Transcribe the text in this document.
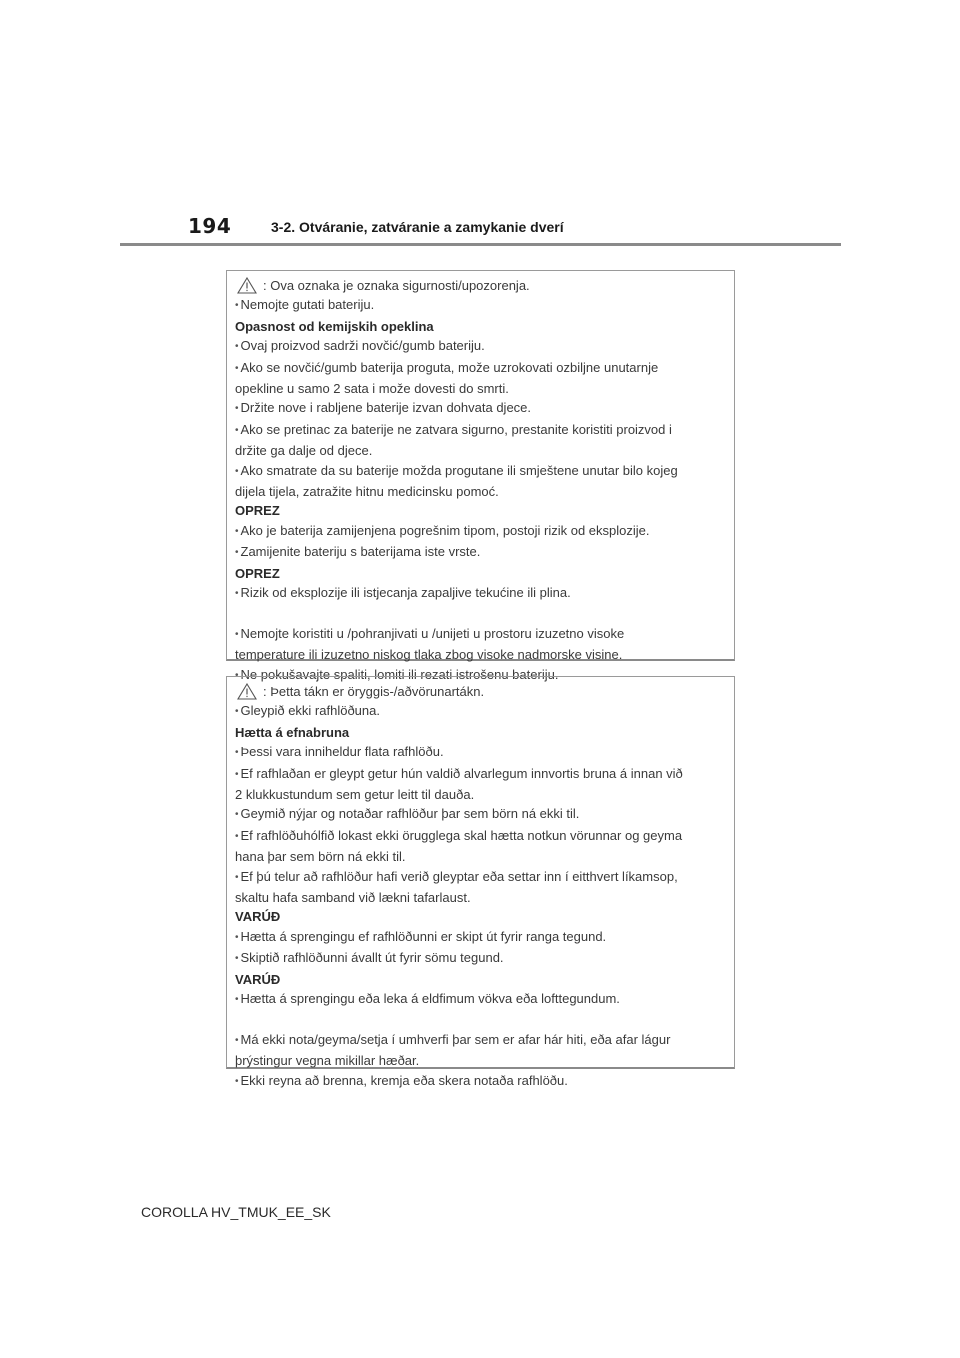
194	3-2. Otváranie, zatváranie a zamykanie dverí
: Ova oznaka je oznaka sigurnosti/upozorenja.
• Nemojte gutati bateriju.
Opasnost od kemijskih opeklina
• Ovaj proizvod sadrži novčić/gumb bateriju.
• Ako se novčić/gumb baterija proguta, može uzrokovati ozbiljne unutarnje
opekline u samo 2 sata i može dovesti do smrti.
• Držite nove i rabljene baterije izvan dohvata djece.
• Ako se pretinac za baterije ne zatvara sigurno, prestanite koristiti proizvod i
držite ga dalje od djece.
• Ako smatrate da su baterije možda progutane ili smještene unutar bilo kojeg
dijela tijela, zatražite hitnu medicinsku pomoć.
OPREZ
• Ako je baterija zamijenjena pogrešnim tipom, postoji rizik od eksplozije.
• Zamijenite bateriju s baterijama iste vrste.
OPREZ
• Rizik od eksplozije ili istjecanja zapaljive tekućine ili plina.
• Nemojte koristiti u /pohranjivati u /unijeti u prostoru izuzetno visoke
temperature ili izuzetno niskog tlaka zbog visoke nadmorske visine.
• Ne pokušavajte spaliti, lomiti ili rezati istrošenu bateriju.
: Þetta tákn er öryggis-/aðvörunartákn.
• Gleypið ekki rafhlöðuna.
Hætta á efnabruna
• Þessi vara inniheldur flata rafhlöðu.
• Ef rafhlaðan er gleypt getur hún valdið alvarlegum innvortis bruna á innan við
2 klukkustundum sem getur leitt til dauða.
• Geymið nýjar og notaðar rafhlöður þar sem börn ná ekki til.
• Ef rafhlöðuhólfið lokast ekki örugglega skal hætta notkun vörunnar og geyma
hana þar sem börn ná ekki til.
• Ef þú telur að rafhlöður hafi verið gleyptar eða settar inn í eitthvert líkamsop,
skaltu hafa samband við lækni tafarlaust.
VARÚÐ
• Hætta á sprengingu ef rafhlöðunni er skipt út fyrir ranga tegund.
• Skiptið rafhlöðunni ávallt út fyrir sömu tegund.
VARÚÐ
• Hætta á sprengingu eða leka á eldfimum vökva eða lofttegundum.
• Má ekki nota/geyma/setja í umhverfi þar sem er afar hár hiti, eða afar lágur
þrýstingur vegna mikillar hæðar.
• Ekki reyna að brenna, kremja eða skera notaða rafhlöðu.
COROLLA HV_TMUK_EE_SK
